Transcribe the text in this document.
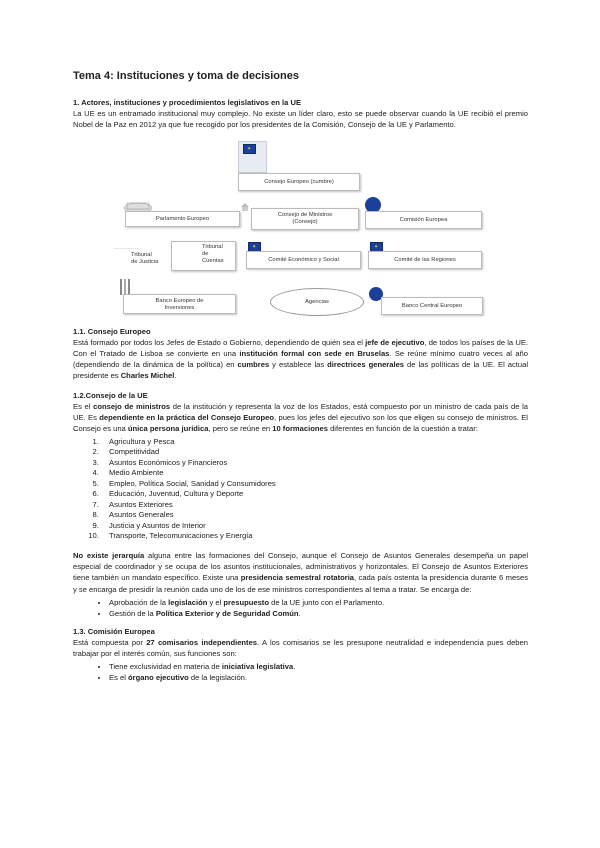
Tema 4: Instituciones y toma de decisiones
1. Actores, instituciones y procedimientos legislativos en la UE

La UE es un entramado institucional muy complejo. No existe un líder claro, esto se puede observar cuando la UE recibió el premio Nobel de la Paz en 2012 ya que fue recogido por los presidentes de la Comisión, Consejo de la UE y Parlamento.

✦
Consejo Europeo (cumbre)
Parlamento Europeo
✦
Consejo de Ministros
(Consejo)	Comisión Europea
Tribunal
de Justicia
Tribunal
de
Cuentas
✦	Comité Económico y Social
✦	Comité de las Regiones
Banco Europeo de
Inversiones
Agencias
Banco Central Europeo
1.1. Consejo Europeo

Está formado por todos los Jefes de Estado o Gobierno, dependiendo de quién sea el jefe de ejecutivo, de todos los países de la UE. Con el Tratado de Lisboa se convierte en una institución formal con sede en Bruselas. Se reúne mínimo cuatro veces al año (dependiendo de la dinámica de la política) en cumbres y establece las directrices generales de las políticas de la UE. El actual presidente es Charles Michel.

1.2.Consejo de la UE

Es el consejo de ministros de la institución y representa la voz de los Estados, está compuesto por un ministro de cada país de la UE. Es dependiente en la práctica del Consejo Europeo, pues los jefes del ejecutivo son los que eligen su consejo de ministros. El Consejo es una única persona jurídica, pero se reúne en 10 formaciones diferentes en función de la cuestión a tratar:

1. Agricultura y Pesca
2. Competitividad
3. Asuntos Económicos y Financieros
4. Medio Ambiente
5. Empleo, Política Social, Sanidad y Consumidores
6. Educación, Juventud, Cultura y Deporte
7. Asuntos Exteriores
8. Asuntos Generales
9. Justicia y Asuntos de Interior
10. Transporte, Telecomunicaciones y Energía

No existe jerarquía alguna entre las formaciones del Consejo, aunque el Consejo de Asuntos Generales desempeña un papel especial de coordinador y se ocupa de los asuntos institucionales, administrativos y horizontales. El Consejo de Asuntos Exteriores tiene también un mandato específico. Existe una presidencia semestral rotatoria, cada país ostenta la presidencia durante 6 meses y se encarga de presidir la reunión cada uno de los de ese ministros correspondientes al tema a tratar. Se encarga de:

• Aprobación de la legislación y el presupuesto de la UE junto con el Parlamento.
• Gestión de la Política Exterior y de Seguridad Común.
1.3. Comisión Europea

Está compuesta por 27 comisarios independientes. A los comisarios se les presupone neutralidad e independencia pues deben trabajar por el interés común, sus funciones son:

• Tiene exclusividad en materia de iniciativa legislativa.
• Es el órgano ejecutivo de la legislación.
